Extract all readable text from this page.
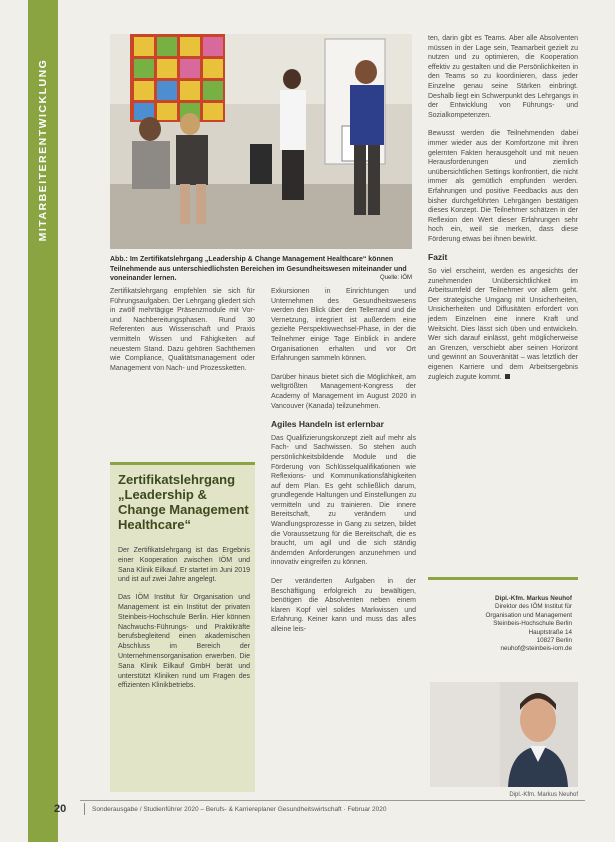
MITARBEITERENTWICKLUNG
Abb.: Im Zertifikatslehrgang „Leadership & Change Management Healthcare“ können Teilnehmende aus unterschiedlichsten Bereichen im Gesundheitswesen miteinander und voneinander lernen.	Quelle: IÖM

Zertifikatslehrgang empfehlen sie sich für Führungsaufgaben. Der Lehrgang gliedert sich in zwölf mehrtägige Präsenzmodule mit Vor- und Nachbereitungsphasen. Rund 30 Referenten aus Wissenschaft und Praxis vermitteln Wissen und Fähigkeiten auf neuestem Stand. Dazu gehören Sachthemen wie Compliance, Qualitätsmanagement oder Management von Nach- und Prozessketten.

Zertifikatslehrgang „Leadership & Change Management Healthcare“

Der Zertifikatslehrgang ist das Ergebnis einer Kooperation zwischen IÖM und Sana Klinik Eilkauf. Er startet im Juni 2019 und ist auf zwei Jahre angelegt.

Das IÖM Institut für Organisation und Management ist ein Institut der privaten Steinbeis-Hochschule Berlin. Hier können Nachwuchs-Führungs- und Praktikräfte berufsbegleitend einen akademischen Abschluss im Bereich der Unternehmensorganisation erwerben. Die Sana Klinik Eilkauf GmbH berät und unterstützt Kliniken rund um Fragen des effizienten Klinikbetriebs.

Exkursionen in Einrichtungen und Unternehmen des Gesundheitswesens werden den Blick über den Tellerrand und die Vernetzung, integriert ist außerdem eine gezielte Perspektivwechsel-Phase, in der die Teilnehmer einige Tage Einblick in andere Organisationen erhalten und vor Ort Erfahrungen sammeln können.

Darüber hinaus bietet sich die Möglichkeit, am weltgrößten Management-Kongress der Academy of Management im August 2020 in Vancouver (Kanada) teilzunehmen.

Agiles Handeln ist erlernbar

Das Qualifizierungskonzept zielt auf mehr als Fach- und Sachwissen. So stehen auch persönlichkeitsbildende Module und die Förderung von Schlüsselqualifikationen wie Reflexions- und Kommunikationsfähigkeiten auf dem Plan. Es geht schließlich darum, grundlegende Haltungen und Einstellungen zu vermitteln und zu trainieren. Die innere Bereitschaft, zu verändern und Wandlungsprozesse in Gang zu setzen, bildet die Voraussetzung für die Bereitschaft, die es braucht, um agil und die sich ständig ändernden Anforderungen anzunehmen und innovativ eingreifen zu können.

Der veränderten Aufgaben in der Beschäftigung erfolgreich zu bewältigen, benötigen die Absolventen neben einem klaren Kopf viel solides Markwissen und Erfahrung. Keiner kann und muss das alles alleine leis-

ten, darin gibt es Teams. Aber alle Absolventen müssen in der Lage sein, Teamarbeit gezielt zu nutzen und zu optimieren, die Kooperation effektiv zu gestalten und die Persönlichkeiten in den Teams so zu koordinieren, dass jeder Einzelne genau seine Stärken einbringt. Deshalb liegt ein Schwerpunkt des Lehrgangs in der Entwicklung von Führungs- und Sozialkompetenzen.

Bewusst werden die Teilnehmenden dabei immer wieder aus der Komfortzone mit ihren gelernten Fakten herausgeholt und mit neuen Herausforderungen und ziemlich unübersichtlichen Settings konfrontiert, die nicht immer als gemütlich empfunden werden. Erfahrungen und positive Feedbacks aus den bisher durchgeführten Lehrgängen bestätigen dieses Konzept. Die Teilnehmer schätzen in der Reflexion den Wert dieser Erfahrungen sehr hoch ein, weil sie merken, dass diese Förderung etwas bei ihnen bewirkt.

Fazit

So viel erscheint, werden es angesichts der zunehmenden Unübersichtlichkeit im Arbeitsumfeld der Teilnehmer vor allem geht. Der strategische Umgang mit Unsicherheiten, Unsicherheiten und Diffusitäten erfordert von jedem Einzelnen eine innere Kraft und Weitsicht. Dies lässt sich üben und entwickeln. Wer sich darauf einlässt, geht möglicherweise an Grenzen, verschiebt aber seinen Horizont und gewinnt an Souveränität – was letztlich der eigenen Karriere und dem Arbeitsergebnis zugleich zugute kommt.

Dipl.-Kfm. Markus Neuhof
Direktor des IÖM Institut für
Organisation und Management
Steinbeis-Hochschule Berlin
Hauptstraße 14
10827 Berlin
neuhof@steinbeis-iom.de
Dipl.-Kfm. Markus Neuhof
20	Sonderausgabe / Studienführer 2020 – Berufs- & Karriereplaner Gesundheitswirtschaft · Februar 2020
